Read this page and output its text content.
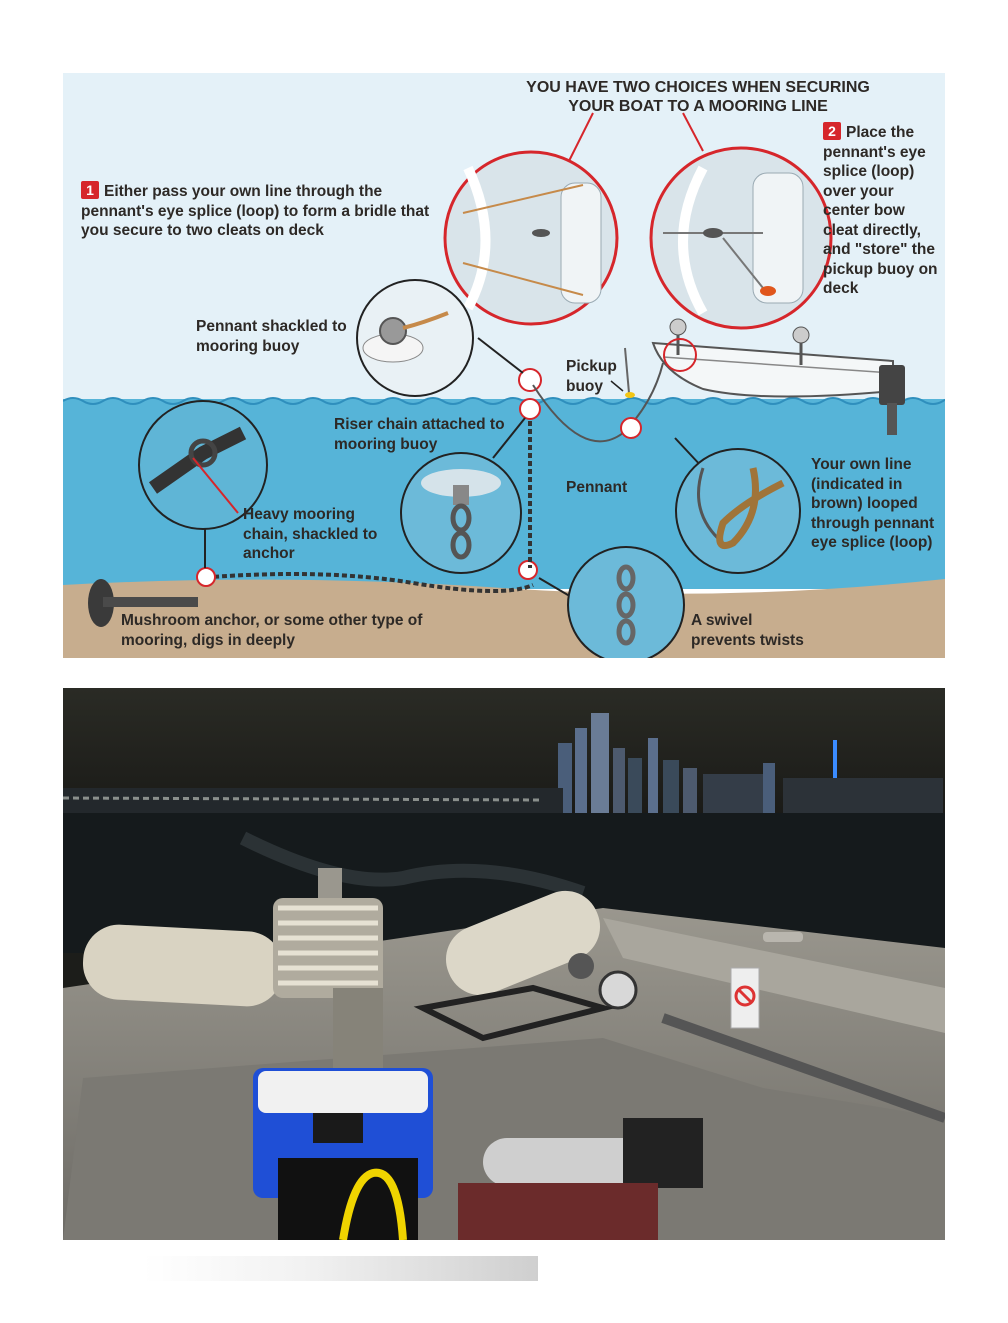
YOU HAVE TWO CHOICES WHEN SECURING YOUR BOAT TO A MOORING LINE
1 Either pass your own line through the pennant's eye splice (loop) to form a bridle that you secure to two cleats on deck
2 Place the pennant's eye splice (loop) over your center bow cleat directly, and "store" the pickup buoy on deck
Pennant shackled to mooring buoy
Pickup buoy
Riser chain attached to mooring buoy
Heavy mooring chain, shackled to anchor
Pennant
Your own line (indicated in brown) looped through pennant eye splice (loop)
Mushroom anchor, or some other type of mooring, digs in deeply
A swivel prevents twists
